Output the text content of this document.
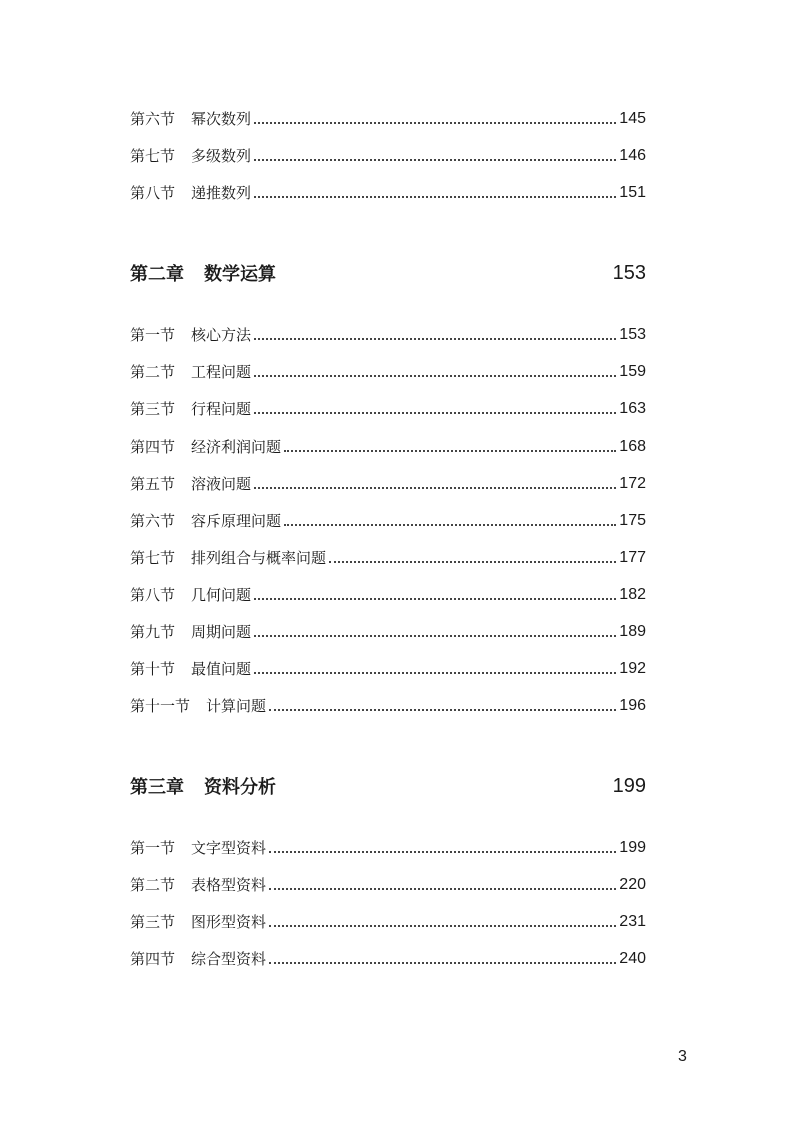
第六节 幂次数列	145
第七节 多级数列	146
第八节 递推数列	151
第二章 数学运算	153
第一节 核心方法	153
第二节 工程问题	159
第三节 行程问题	163
第四节 经济利润问题	168
第五节 溶液问题	172
第六节 容斥原理问题	175
第七节 排列组合与概率问题	177
第八节 几何问题	182
第九节 周期问题	189
第十节 最值问题	192
第十一节 计算问题	196
第三章 资料分析	199
第一节 文字型资料	199
第二节 表格型资料	220
第三节 图形型资料	231
第四节 综合型资料	240
3
